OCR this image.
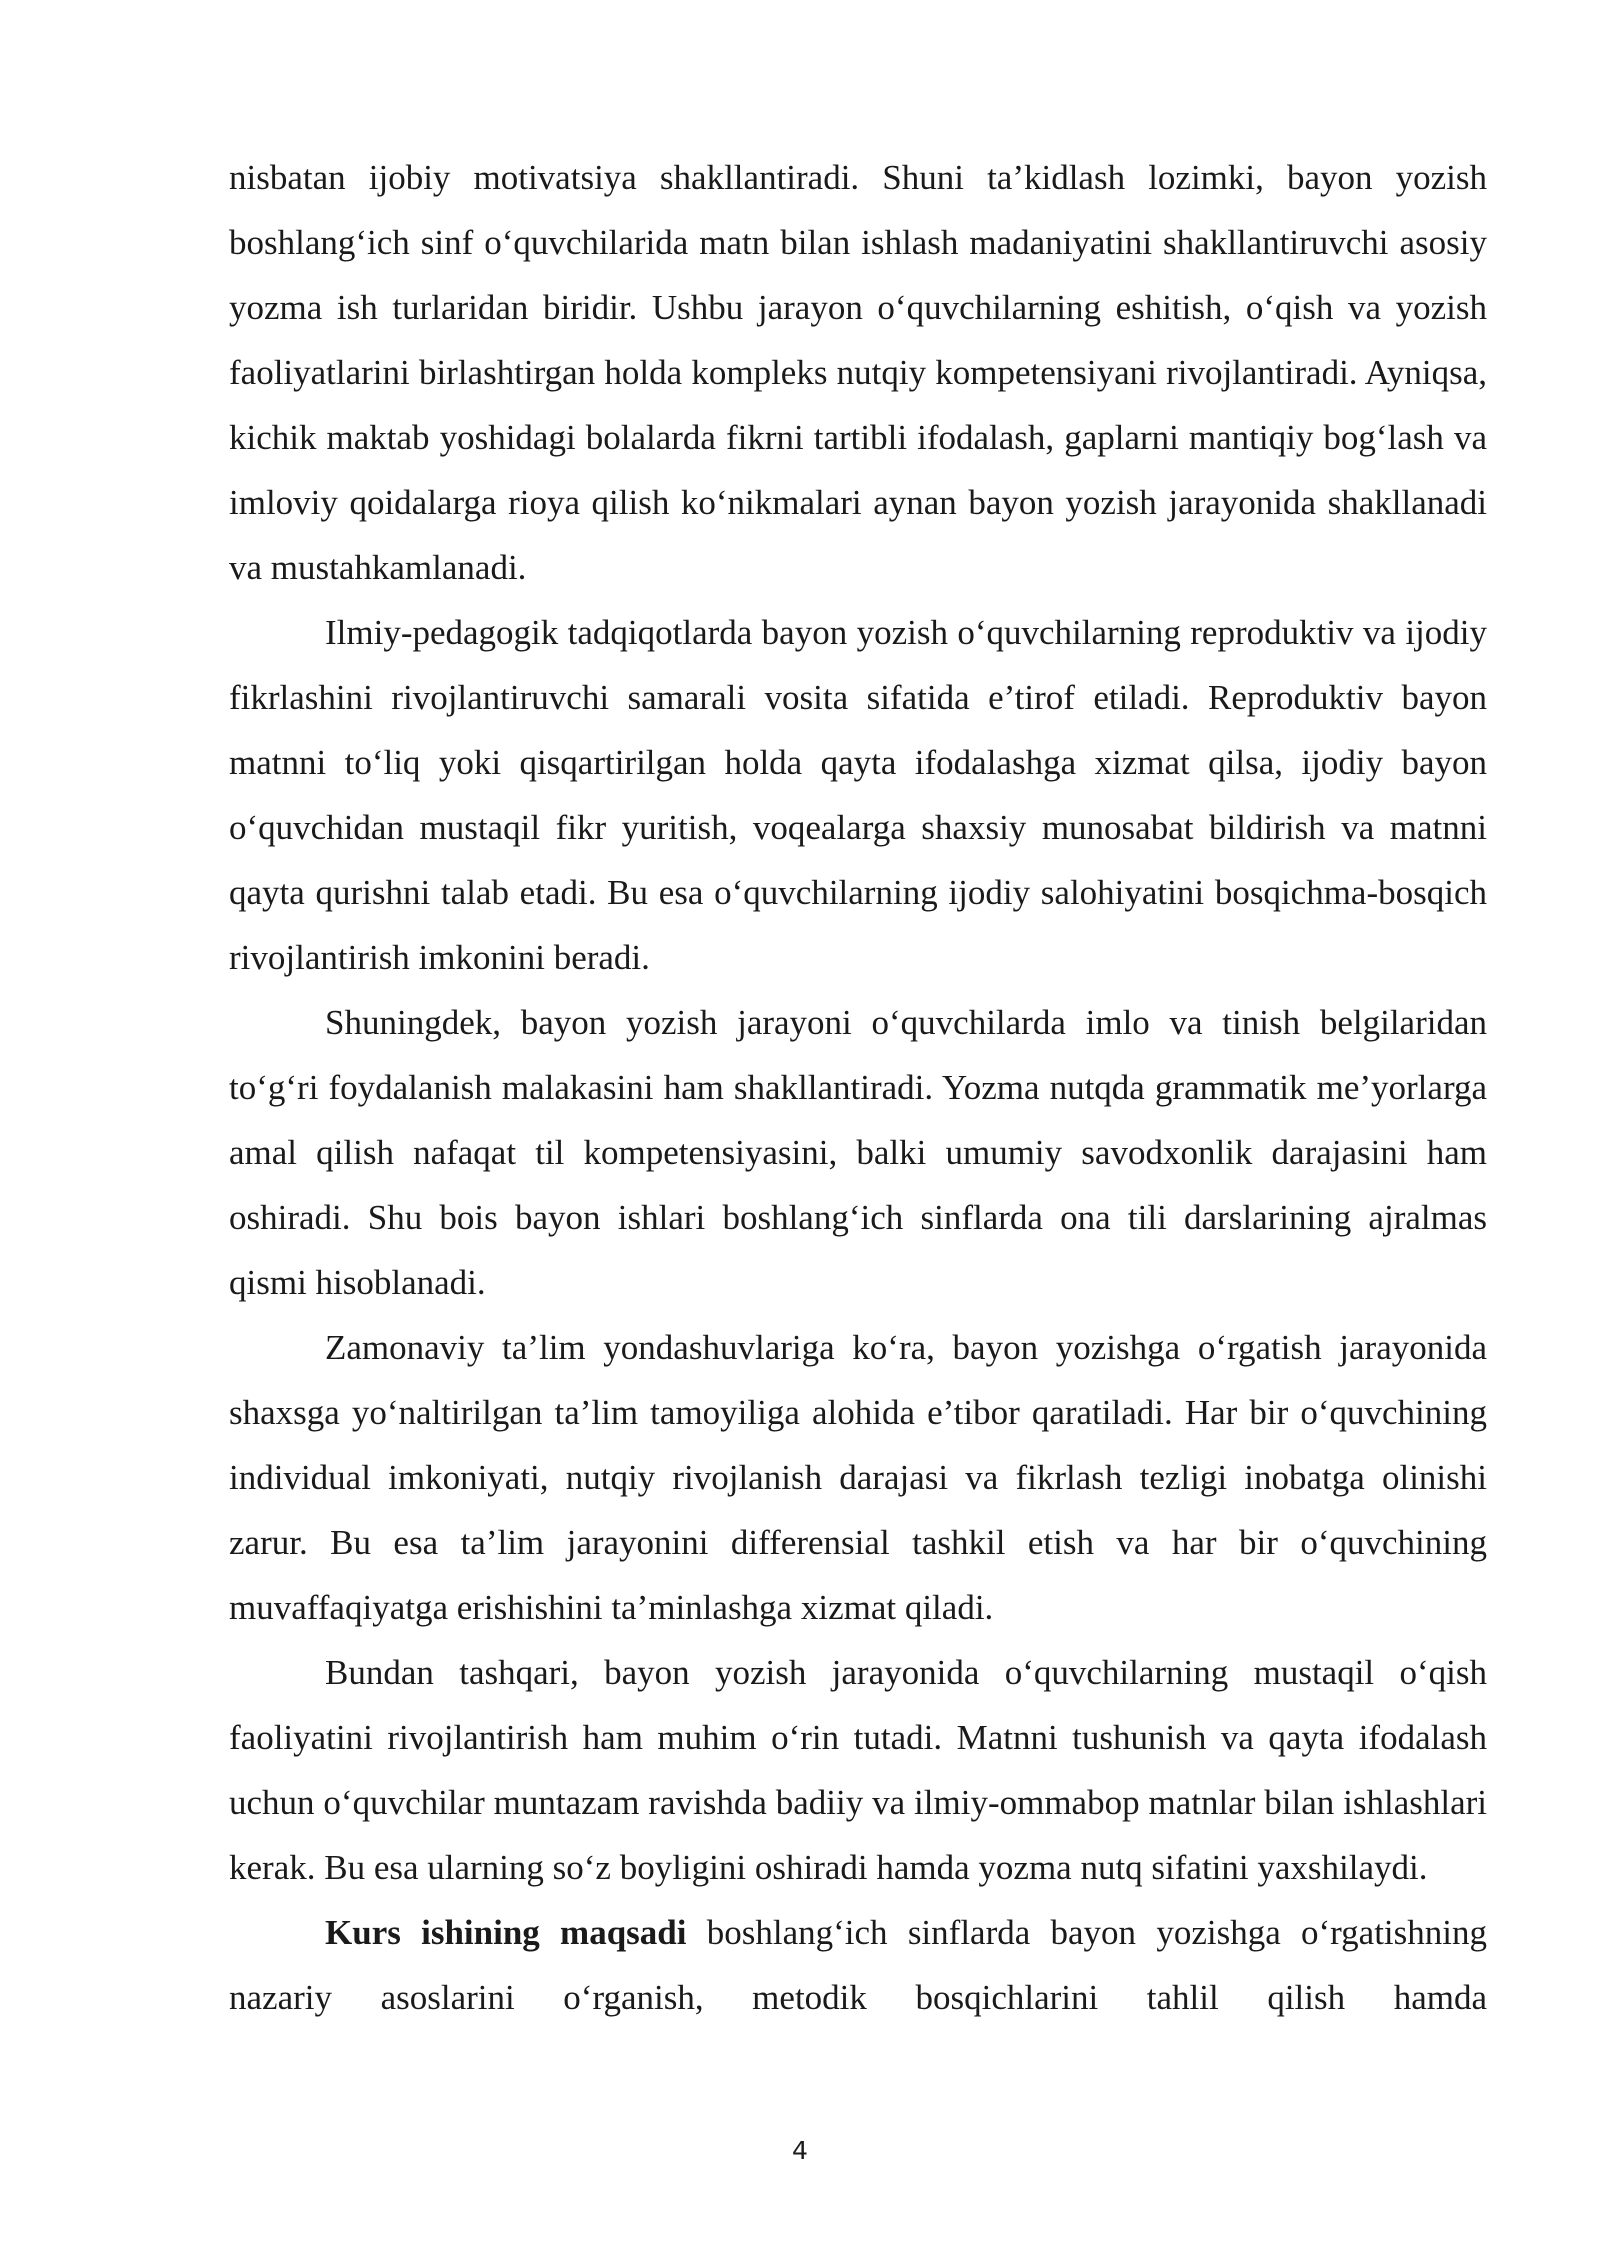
nisbatan ijobiy motivatsiya shakllantiradi. Shuni ta’kidlash lozimki, bayon yozish boshlang‘ich sinf o‘quvchilarida matn bilan ishlash madaniyatini shakllantiruvchi asosiy yozma ish turlaridan biridir. Ushbu jarayon o‘quvchilarning eshitish, o‘qish va yozish faoliyatlarini birlashtirgan holda kompleks nutqiy kompetensiyani rivojlantiradi. Ayniqsa, kichik maktab yoshidagi bolalarda fikrni tartibli ifodalash, gaplarni mantiqiy bog‘lash va imloviy qoidalarga rioya qilish ko‘nikmalari aynan bayon yozish jarayonida shakllanadi va mustahkamlanadi.

Ilmiy-pedagogik tadqiqotlarda bayon yozish o‘quvchilarning reproduktiv va ijodiy fikrlashini rivojlantiruvchi samarali vosita sifatida e’tirof etiladi. Reproduktiv bayon matnni to‘liq yoki qisqartirilgan holda qayta ifodalashga xizmat qilsa, ijodiy bayon o‘quvchidan mustaqil fikr yuritish, voqealarga shaxsiy munosabat bildirish va matnni qayta qurishni talab etadi. Bu esa o‘quvchilarning ijodiy salohiyatini bosqichma-bosqich rivojlantirish imkonini beradi.

Shuningdek, bayon yozish jarayoni o‘quvchilarda imlo va tinish belgilaridan to‘g‘ri foydalanish malakasini ham shakllantiradi. Yozma nutqda grammatik me’yorlarga amal qilish nafaqat til kompetensiyasini, balki umumiy savodxonlik darajasini ham oshiradi. Shu bois bayon ishlari boshlang‘ich sinflarda ona tili darslarining ajralmas qismi hisoblanadi.

Zamonaviy ta’lim yondashuvlariga ko‘ra, bayon yozishga o‘rgatish jarayonida shaxsga yo‘naltirilgan ta’lim tamoyiliga alohida e’tibor qaratiladi. Har bir o‘quvchining individual imkoniyati, nutqiy rivojlanish darajasi va fikrlash tezligi inobatga olinishi zarur. Bu esa ta’lim jarayonini differensial tashkil etish va har bir o‘quvchining muvaffaqiyatga erishishini ta’minlashga xizmat qiladi.

Bundan tashqari, bayon yozish jarayonida o‘quvchilarning mustaqil o‘qish faoliyatini rivojlantirish ham muhim o‘rin tutadi. Matnni tushunish va qayta ifodalash uchun o‘quvchilar muntazam ravishda badiiy va ilmiy-ommabop matnlar bilan ishlashlari kerak. Bu esa ularning so‘z boyligini oshiradi hamda yozma nutq sifatini yaxshilaydi.

Kurs ishining maqsadi boshlang‘ich sinflarda bayon yozishga o‘rgatishning nazariy asoslarini o‘rganish, metodik bosqichlarini tahlil qilish hamda

4
